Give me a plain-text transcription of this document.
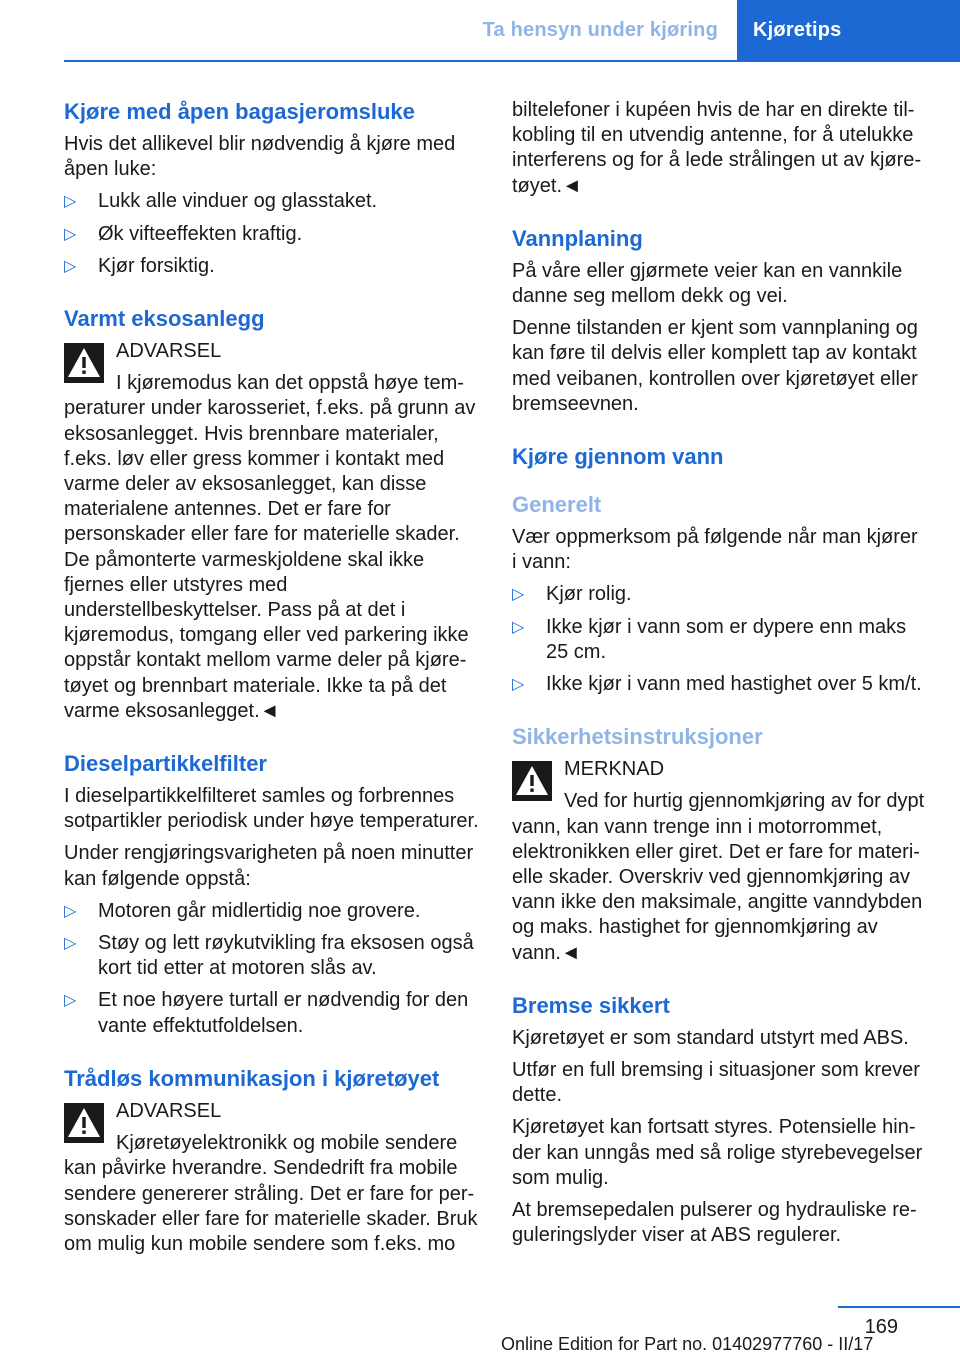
Ta hensyn under kjøring	Kjøretips
Kjøre med åpen bagasjeromsluke

Hvis det allikevel blir nødvendig å kjøre med åpen luke:

▷ Lukk alle vinduer og glasstaket.
▷ Øk vifteeffekten kraftig.
▷ Kjør forsiktig.
Varmt eksosanlegg
ADVARSEL

I kjøremodus kan det oppstå høye temperaturer under karosseriet, f.eks. på grunn av eksosanlegget. Hvis brennbare materialer, f.eks. løv eller gress kommer i kontakt med varme deler av eksosanlegget, kan disse materialene antennes. Det er fare for personskader eller fare for materielle skader. De påmonterte varmeskjoldene skal ikke fjernes eller utstyres med understellbeskyttelser. Pass på at det i kjøremodus, tomgang eller ved parkering ikke oppstår kontakt mellom varme deler på kjøretøyet og brennbart materiale. Ikke ta på det varme eksosanlegget.◄

Dieselpartikkelfilter

I dieselpartikkelfilteret samles og forbrennes sotpartikler periodisk under høye temperaturer.

Under rengjøringsvarigheten på noen minutter kan følgende oppstå:

▷ Motoren går midlertidig noe grovere.
▷ Støy og lett røykutvikling fra eksosen også kort tid etter at motoren slås av.
▷ Et noe høyere turtall er nødvendig for den vante effektutfoldelsen.
Trådløs kommunikasjon i kjøretøyet
ADVARSEL

Kjøretøyelektronikk og mobile sendere kan påvirke hverandre. Sendedrift fra mobile sendere genererer stråling. Det er fare for personskader eller fare for materielle skader. Bruk om mulig kun mobile sendere som f.eks. mo

biltelefoner i kupéen hvis de har en direkte tilkobling til en utvendig antenne, for å utelukke interferens og for å lede strålingen ut av kjøretøyet.◄

Vannplaning

På våre eller gjørmete veier kan en vannkile danne seg mellom dekk og vei.

Denne tilstanden er kjent som vannplaning og kan føre til delvis eller komplett tap av kontakt med veibanen, kontrollen over kjøretøyet eller bremseevnen.

Kjøre gjennom vann
Generelt

Vær oppmerksom på følgende når man kjører i vann:

▷ Kjør rolig.
▷ Ikke kjør i vann som er dypere enn maks 25 cm.
▷ Ikke kjør i vann med hastighet over 5 km/t.
Sikkerhetsinstruksjoner
MERKNAD

Ved for hurtig gjennomkjøring av for dypt vann, kan vann trenge inn i motorrommet, elektronikken eller giret. Det er fare for materielle skader. Overskriv ved gjennomkjøring av vann ikke den maksimale, angitte vanndybden og maks. hastighet for gjennomkjøring av vann.◄

Bremse sikkert

Kjøretøyet er som standard utstyrt med ABS.

Utfør en full bremsing i situasjoner som krever dette.

Kjøretøyet kan fortsatt styres. Potensielle hinder kan unngås med så rolige styrebevegelser som mulig.

At bremsepedalen pulserer og hydrauliske reguleringslyder viser at ABS regulerer.

169
Online Edition for Part no. 01402977760 - II/17
